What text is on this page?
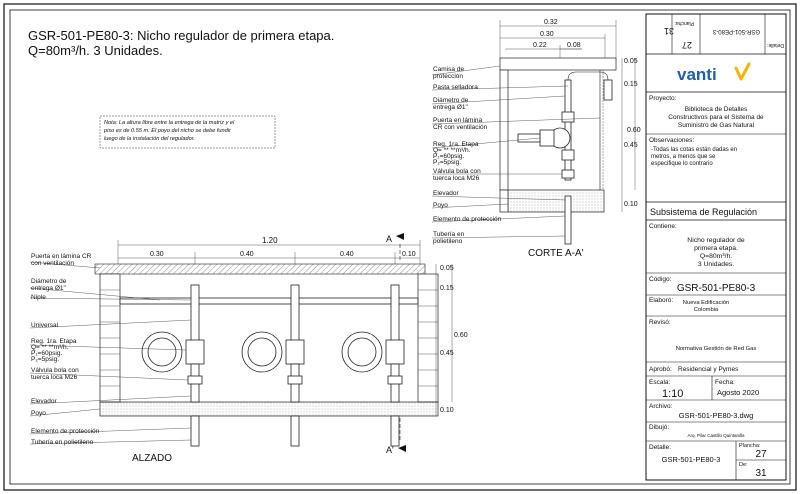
GSR-501-PE80-3: Nicho regulador de primera etapa.
Q=80m³/h. 3 Unidades.
Nota: La altura libre entre la entrega de la matriz y el
piso es de 0.55 m. El poyo del nicho se debe fundir
luego de la instalación del regulador.
0.32
0.30
0.22	0.08
0.05
0.15
0.45
0.10
0.60
Camisa de
protección
Pasta selladora
Diámetro de
entrega Ø1"
Puerta en lámina
CR con ventilación
Reg. 1ra. Etapa
Q= ** **m³/h.
P₁=60psig.
P₂=5psig.
Válvula bola con
tuerca loca M26
Elevador
Poyo
Elemento de protección
Tubería en
polietileno
CORTE A-A'
1.20
0.30	0.40	0.40	0.10
A
A'
0.05
0.15
0.45
0.10
0.60
Puerta en lámina CR
con ventilación
Diámetro de
entrega Ø1"
Niple
Universal
Reg. 1ra. Etapa
Q= ** **m³/h.
P₁=60psig.
P₂=5psig.
Válvula bola con
tuerca loca M26
Elevador
Poyo
Elemento de protección
Tubería en polietileno
ALZADO
31
Plancha:
27
GSR-501-PE80-3
Detalle:
vanti
Proyecto:
Biblioteca de Detalles
Constructivos para el Sistema de
Suministro de Gas Natural
Observaciones:
-Todas las cotas están dadas en
metros, a menos que se
especifique lo contrario
Subsistema de Regulación
Contiene:
Nicho regulador de
primera etapa.
Q=80m³/h.
3 Unidades.
Código:
GSR-501-PE80-3
Elaboró: Nueva Edificación
Colombia
Revisó:
Normativa Gestión de Red Gas
Aprobó: Residencial y Pymes
Escala:
1:10
Fecha:
Agosto 2020
Archivo:
GSR-501-PE80-3.dwg
Dibujó:
Arq. Pilar Castillo Quintanilla
Detalle:
GSR-501-PE80-3
Plancha:
27
De:
31
